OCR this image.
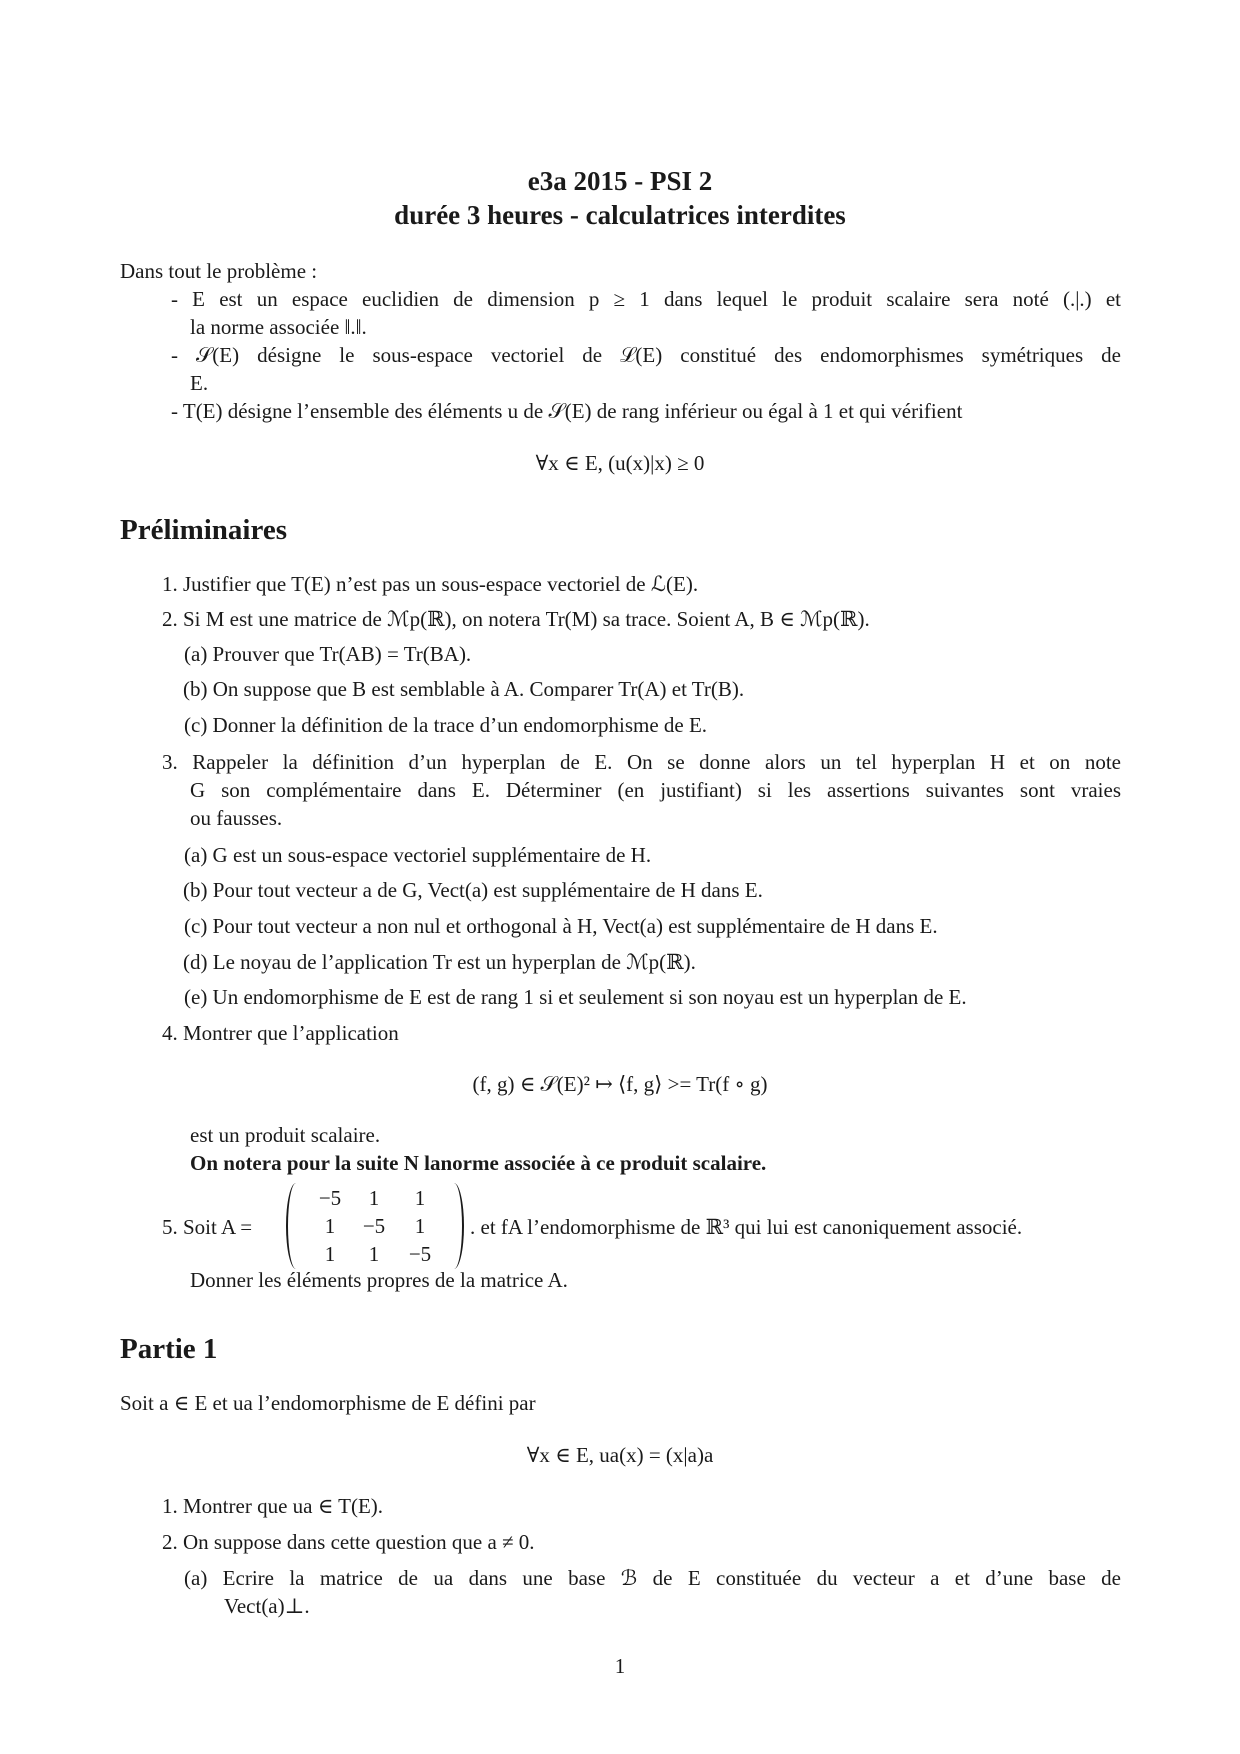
e3a 2015 - PSI 2
durée 3 heures - calculatrices interdites
Dans tout le problème :
- E est un espace euclidien de dimension p ≥ 1 dans lequel le produit scalaire sera noté (.|.) et
la norme associée ‖.‖.
- 𝒮(E) désigne le sous-espace vectoriel de ℒ(E) constitué des endomorphismes symétriques de
E.
- T(E) désigne l’ensemble des éléments u de 𝒮(E) de rang inférieur ou égal à 1 et qui vérifient
∀x ∈ E, (u(x)|x) ≥ 0
Préliminaires
1. Justifier que T(E) n’est pas un sous-espace vectoriel de ℒ(E).
2. Si M est une matrice de ℳp(ℝ), on notera Tr(M) sa trace. Soient A, B ∈ ℳp(ℝ).
(a) Prouver que Tr(AB) = Tr(BA).
(b) On suppose que B est semblable à A. Comparer Tr(A) et Tr(B).
(c) Donner la définition de la trace d’un endomorphisme de E.
3. Rappeler la définition d’un hyperplan de E. On se donne alors un tel hyperplan H et on note
G son complémentaire dans E. Déterminer (en justifiant) si les assertions suivantes sont vraies
ou fausses.
(a) G est un sous-espace vectoriel supplémentaire de H.
(b) Pour tout vecteur a de G, Vect(a) est supplémentaire de H dans E.
(c) Pour tout vecteur a non nul et orthogonal à H, Vect(a) est supplémentaire de H dans E.
(d) Le noyau de l’application Tr est un hyperplan de ℳp(ℝ).
(e) Un endomorphisme de E est de rang 1 si et seulement si son noyau est un hyperplan de E.
4. Montrer que l’application
(f, g) ∈ 𝒮(E)² ↦ ⟨f, g⟩ >= Tr(f ∘ g)
est un produit scalaire.
On notera pour la suite N lanorme associée à ce produit scalaire.
5. Soit A =
−5	1	1
1	−5	1
1	1	−5
. et fA l’endomorphisme de ℝ³ qui lui est canoniquement associé.
Donner les éléments propres de la matrice A.
Partie 1
Soit a ∈ E et ua l’endomorphisme de E défini par
∀x ∈ E, ua(x) = (x|a)a
1. Montrer que ua ∈ T(E).
2. On suppose dans cette question que a ≠ 0.
(a) Ecrire la matrice de ua dans une base ℬ de E constituée du vecteur a et d’une base de
Vect(a)⊥.
1
